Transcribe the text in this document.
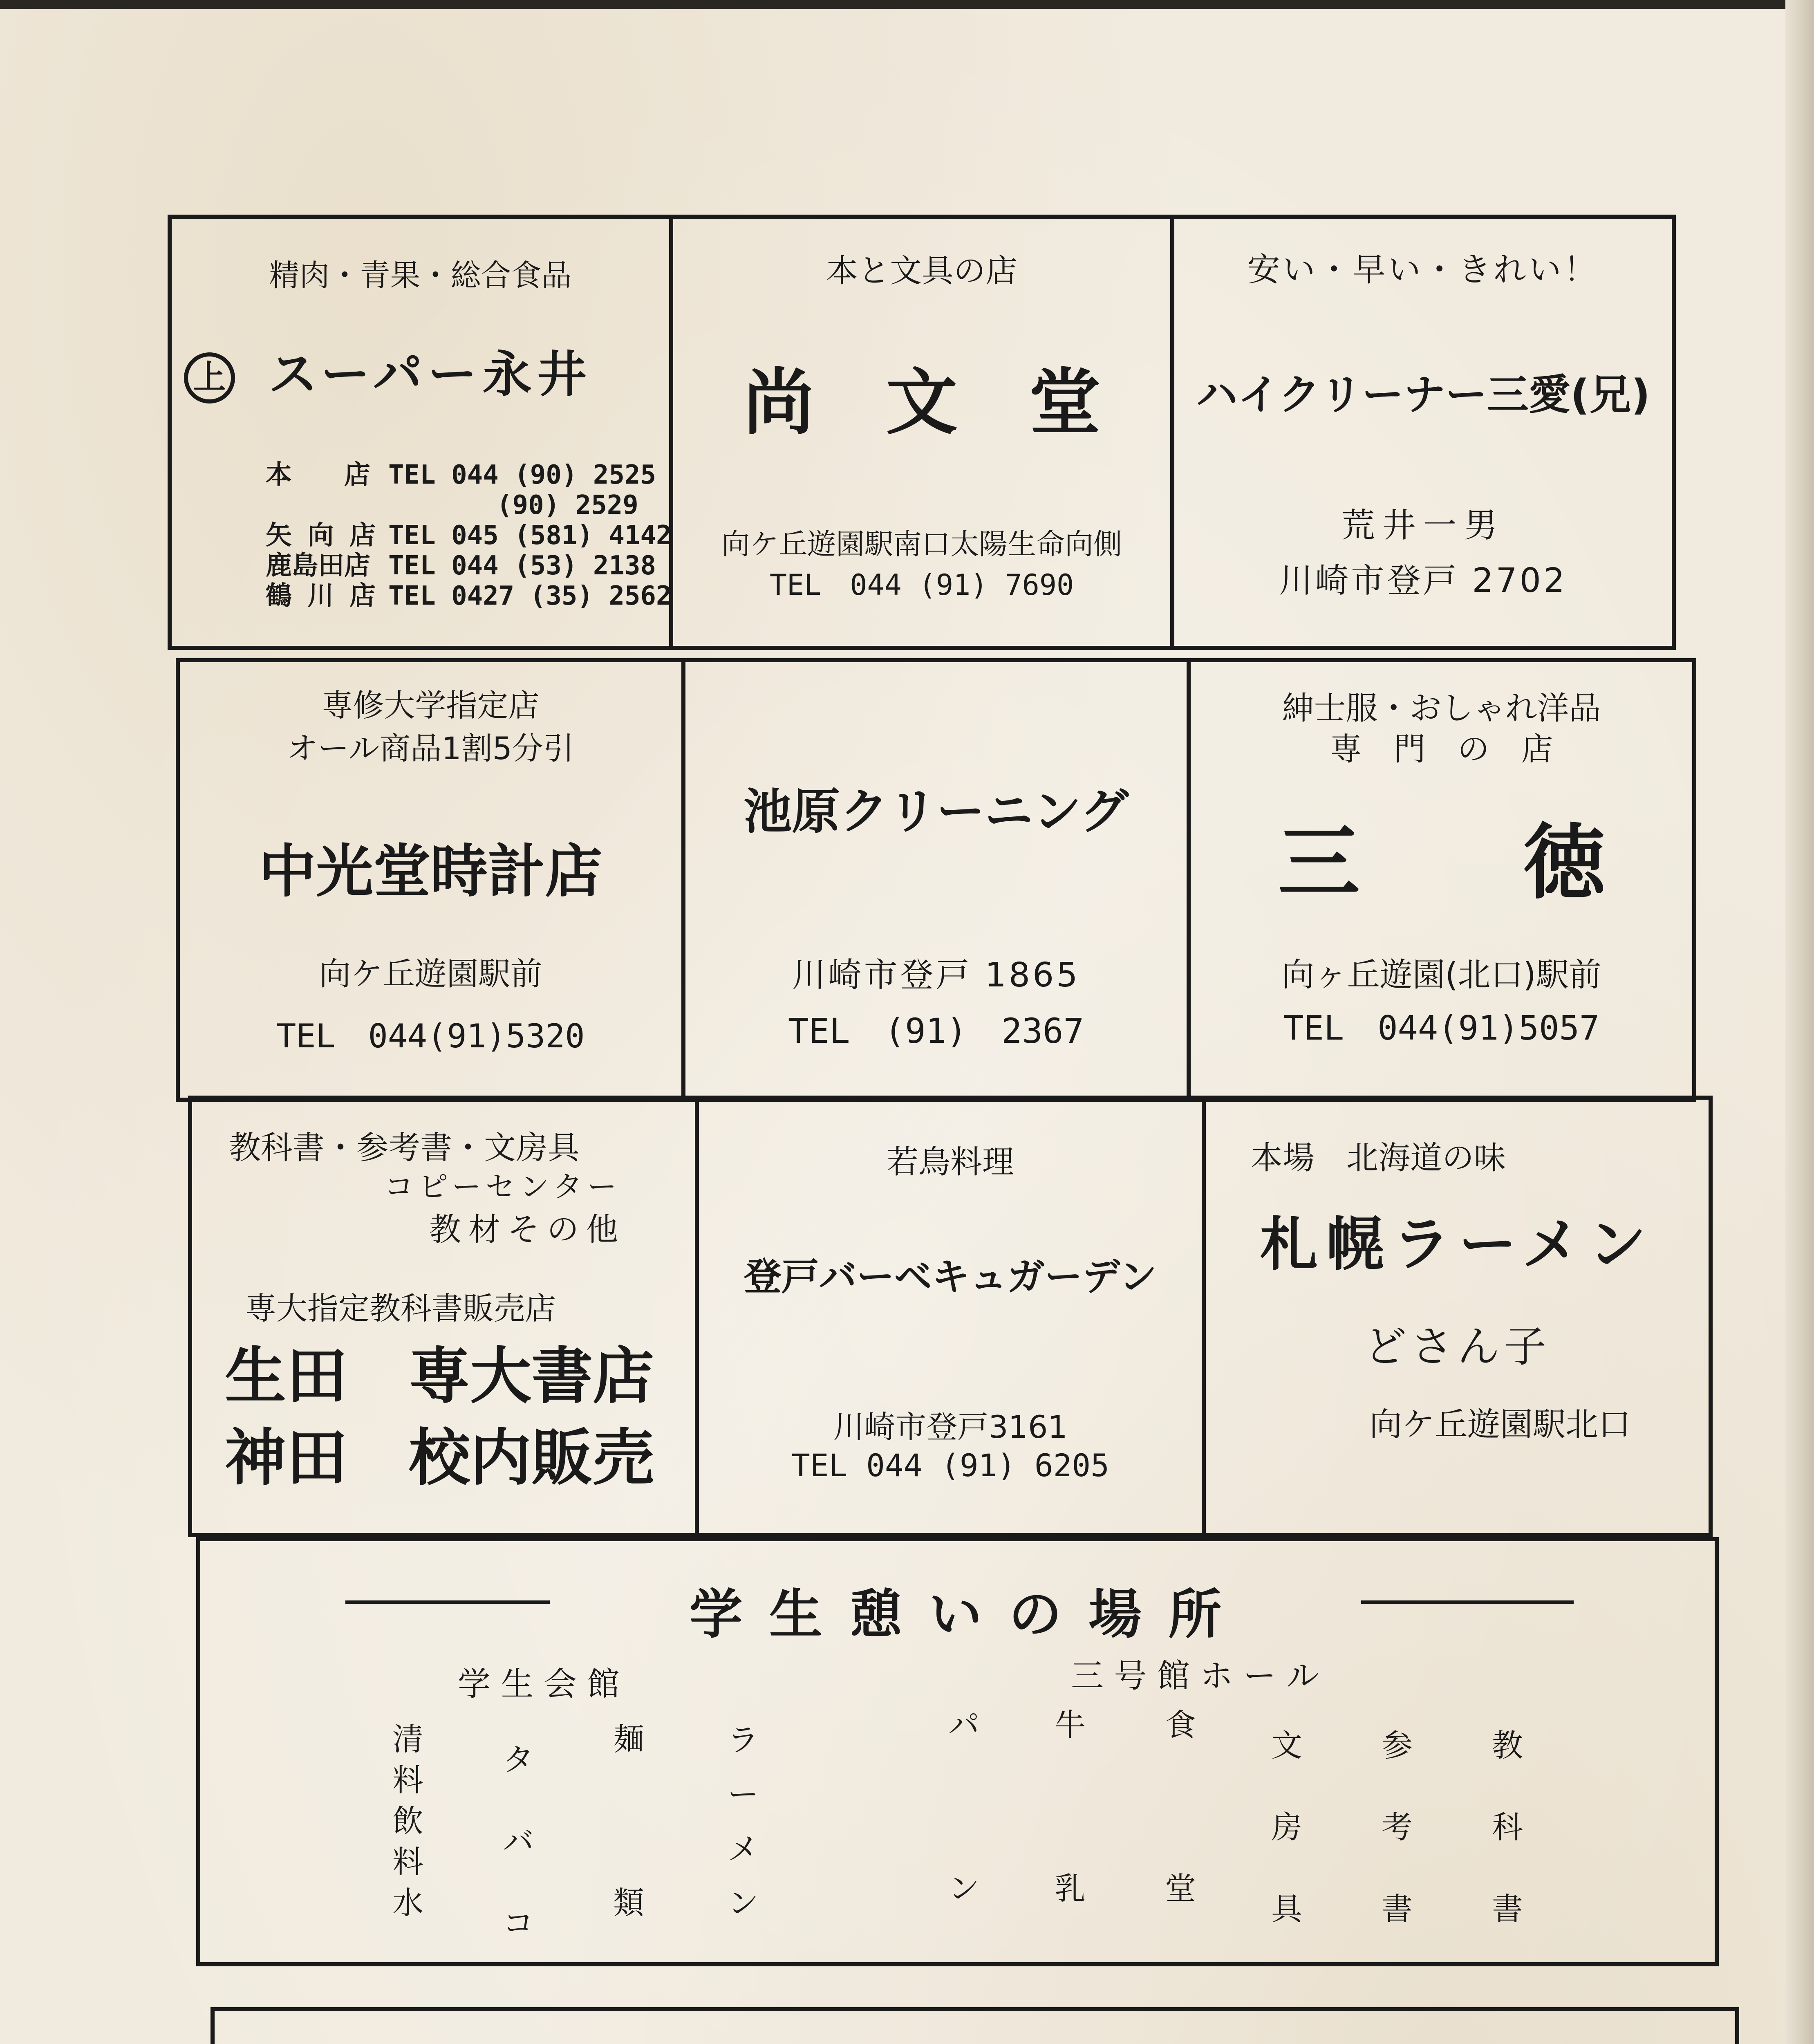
精肉・青果・総合食品
上 スーパー永井
本　　店 TEL 044 (90) 2525
(90) 2529
矢 向 店 TEL 045 (581) 4142
鹿島田店 TEL 044 (53) 2138
鶴 川 店 TEL 0427 (35) 2562
本と文具の店
尚　文　堂
向ケ丘遊園駅南口太陽生命向側
TEL　044 (91) 7690
安い・早い・きれい！
ハイクリーナー三愛(兄)
荒井一男
川崎市登戸 2702
専修大学指定店
オール商品1割5分引
中光堂時計店
向ケ丘遊園駅前
TEL　044(91)5320
池原クリーニング
川崎市登戸 1865
TEL　(91)　2367
紳士服・おしゃれ洋品
専　門　の　店
三　　徳
向ヶ丘遊園(北口)駅前
TEL　044(91)5057
教科書・参考書・文房具
コピーセンター
教材その他
専大指定教科書販売店
生田　専大書店
神田　校内販売
若鳥料理
登戸バーベキュガーデン
川崎市登戸3161
TEL 044 (91) 6205
本場　北海道の味
札幌ラーメン
どさん子
向ケ丘遊園駅北口
学 生 憩 い の 場 所
学 生 会 館	三 号 館 ホ ー ル
清
料
飲
料
水
タ
バ
コ
麺
類
ラ
ー
メ
ン
パ
ン
牛
乳
食
堂
文
房
具
参
考
書
教
科
書
